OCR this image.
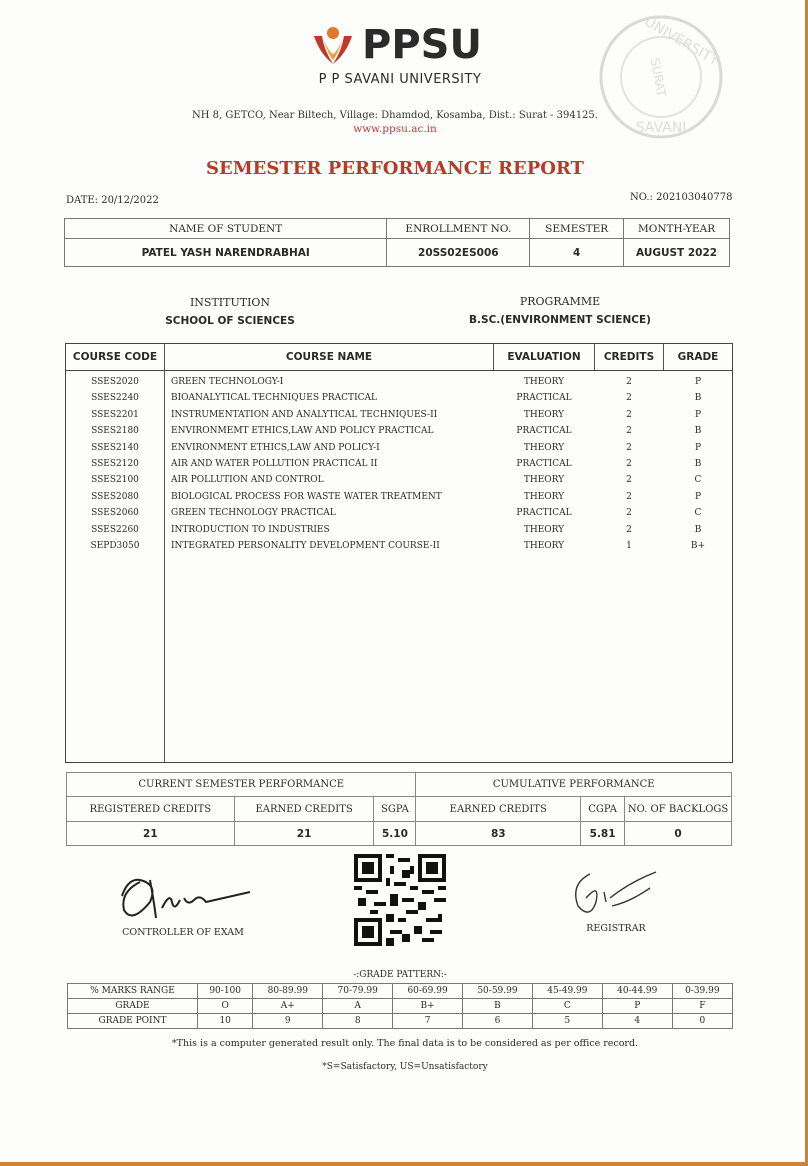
PPSU
P P SAVANI UNIVERSITY
UNIVERSITY
SAVANI
SURAT
NH 8, GETCO, Near Biltech, Village: Dhamdod, Kosamba, Dist.: Surat - 394125.
www.ppsu.ac.in
SEMESTER PERFORMANCE REPORT
DATE: 20/12/2022	NO.: 202103040778
NAME OF STUDENT	ENROLLMENT NO.	SEMESTER	MONTH-YEAR
PATEL YASH NARENDRABHAI	20SS02ES006	4	AUGUST 2022
INSTITUTION
SCHOOL OF SCIENCES
PROGRAMME
B.SC.(ENVIRONMENT SCIENCE)
COURSE CODE	COURSE NAME	EVALUATION	CREDITS	GRADE
SSES2020	GREEN TECHNOLOGY-I	THEORY	2	P
SSES2240	BIOANALYTICAL TECHNIQUES PRACTICAL	PRACTICAL	2	B
SSES2201	INSTRUMENTATION AND ANALYTICAL TECHNIQUES-II	THEORY	2	P
SSES2180	ENVIRONMEMT ETHICS,LAW AND POLICY PRACTICAL	PRACTICAL	2	B
SSES2140	ENVIRONMENT ETHICS,LAW AND POLICY-I	THEORY	2	P
SSES2120	AIR AND WATER POLLUTION PRACTICAL II	PRACTICAL	2	B
SSES2100	AIR POLLUTION AND CONTROL	THEORY	2	C
SSES2080	BIOLOGICAL PROCESS FOR WASTE WATER TREATMENT	THEORY	2	P
SSES2060	GREEN TECHNOLOGY PRACTICAL	PRACTICAL	2	C
SSES2260	INTRODUCTION TO INDUSTRIES	THEORY	2	B
SEPD3050	INTEGRATED PERSONALITY DEVELOPMENT COURSE-II	THEORY	1	B+
CURRENT SEMESTER PERFORMANCE			CUMULATIVE PERFORMANCE		
REGISTERED CREDITS	EARNED CREDITS	SGPA	EARNED CREDITS	CGPA	NO. OF BACKLOGS
21	21	5.10	83	5.81	0
CONTROLLER OF EXAM	REGISTRAR
-:GRADE PATTERN:-
% MARKS RANGE	90-100	80-89.99	70-79.99	60-69.99	50-59.99	45-49.99	40-44.99	0-39.99
GRADE	O	A+	A	B+	B	C	P	F
GRADE POINT	10	9	8	7	6	5	4	0
*This is a computer generated result only. The final data is to be considered as per office record.
*S=Satisfactory, US=Unsatisfactory
